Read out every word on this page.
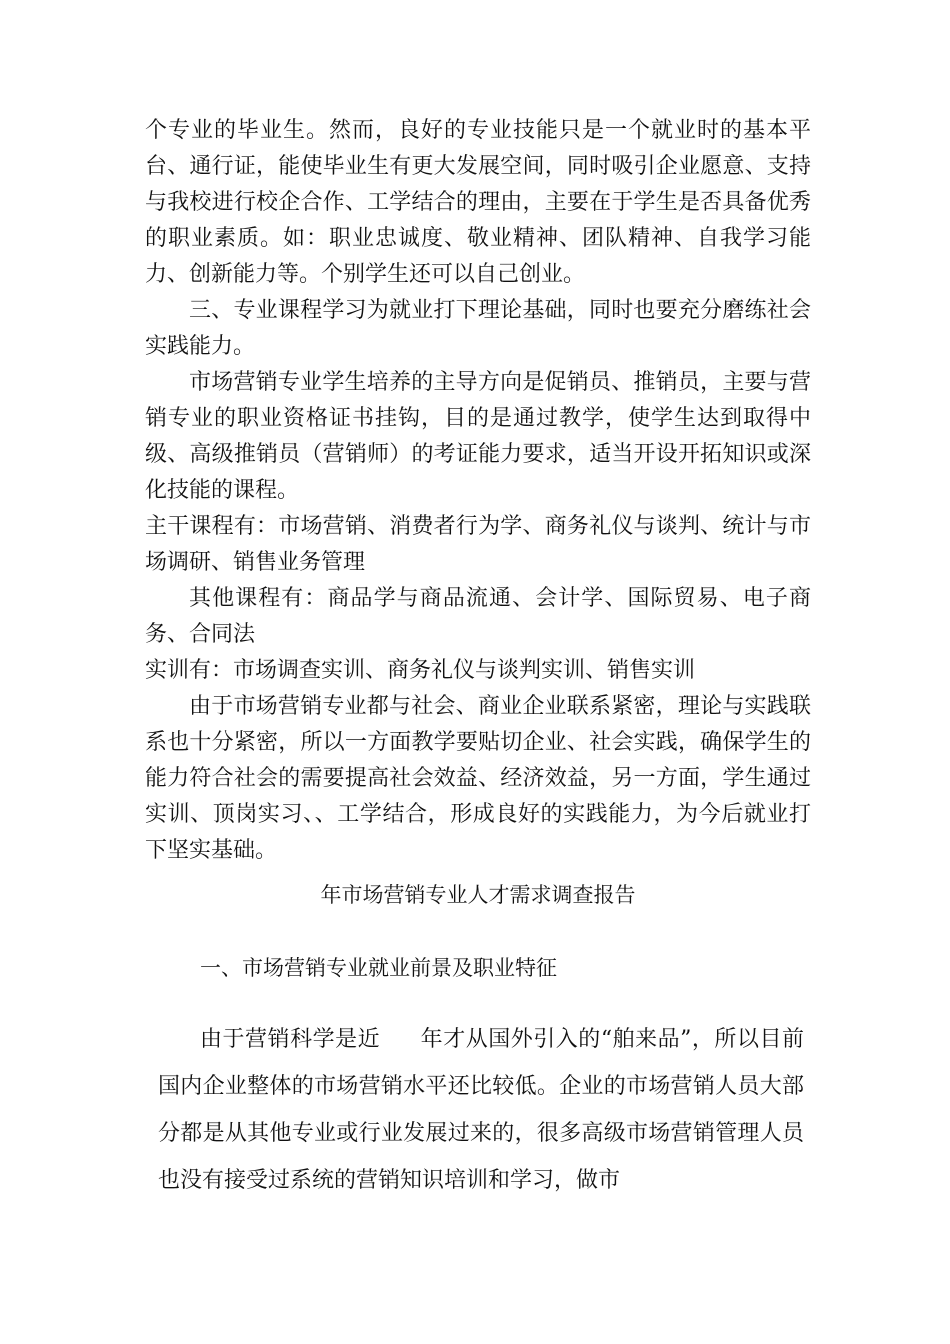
个专业的毕业生。然而，良好的专业技能只是一个就业时的基本平台、通行证，能使毕业生有更大发展空间，同时吸引企业愿意、支持与我校进行校企合作、工学结合的理由，主要在于学生是否具备优秀的职业素质。如：职业忠诚度、敬业精神、团队精神、自我学习能力、创新能力等。个别学生还可以自己创业。

三、专业课程学习为就业打下理论基础，同时也要充分磨练社会实践能力。

市场营销专业学生培养的主导方向是促销员、推销员，主要与营销专业的职业资格证书挂钩，目的是通过教学，使学生达到取得中级、高级推销员（营销师）的考证能力要求，适当开设开拓知识或深化技能的课程。

主干课程有：市场营销、消费者行为学、商务礼仪与谈判、统计与市场调研、销售业务管理

其他课程有：商品学与商品流通、会计学、国际贸易、电子商务、合同法

实训有：市场调查实训、商务礼仪与谈判实训、销售实训

由于市场营销专业都与社会、商业企业联系紧密，理论与实践联系也十分紧密，所以一方面教学要贴切企业、社会实践，确保学生的能力符合社会的需要提高社会效益、经济效益，另一方面，学生通过实训、顶岗实习、、工学结合，形成良好的实践能力，为今后就业打下坚实基础。

年市场营销专业人才需求调查报告

一、市场营销专业就业前景及职业特征

由于营销科学是近 年才从国外引入的“舶来品”，所以目前国内企业整体的市场营销水平还比较低。企业的市场营销人员大部分都是从其他专业或行业发展过来的，很多高级市场营销管理人员也没有接受过系统的营销知识培训和学习，做市
